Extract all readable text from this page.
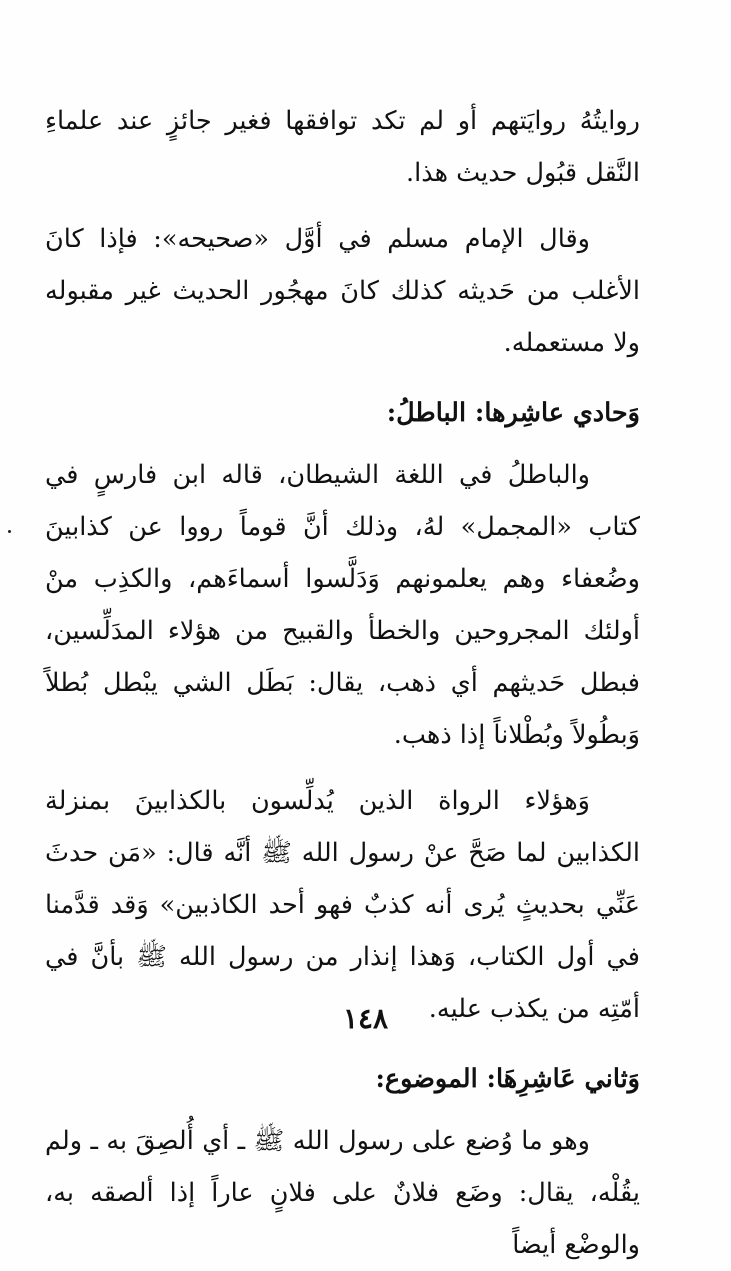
روايتُهُ روايَتهم أو لم تكد توافقها فغير جائزٍ عند علماءِ النَّقل قبُول حديث هذا.

وقال الإمام مسلم في أوَّل «صحيحه»: فإذا كانَ الأغلب من حَديثه كذلك كانَ مهجُور الحديث غير مقبوله ولا مستعمله.

وَحادي عاشِرها: الباطلُ:

والباطلُ في اللغة الشيطان، قاله ابن فارسٍ في كتاب «المجمل» لهُ، وذلك أنَّ قوماً رووا عن كذابينَ وضُعفاء وهم يعلمونهم وَدَلَّسوا أسماءَهم، والكذِب منْ أولئك المجروحين والخطأ والقبيح من هؤلاء المدَلِّسين، فبطل حَديثهم أي ذهب، يقال: بَطَل الشي يبْطل بُطلاً وَبطُولاً وبُطْلاناً إذا ذهب.

وَهؤلاء الرواة الذين يُدلِّسون بالكذابينَ بمنزلة الكذابين لما صَحَّ عنْ رسول الله ﷺ أنَّه قال: «مَن حدثَ عَنِّي بحديثٍ يُرى أنه كذبٌ فهو أحد الكاذبين» وَقد قدَّمنا في أول الكتاب، وَهذا إنذار من رسول الله ﷺ بأنَّ في أمّتِه من يكذب عليه.

وَثاني عَاشِرِهَا: الموضوع:

وهو ما وُضع على رسول الله ﷺ ـ أي أُلصِقَ به ـ ولم يقُلْه، يقال: وضَع فلانٌ على فلانٍ عاراً إذا ألصقه به، والوضْع أيضاً

١٤٨
